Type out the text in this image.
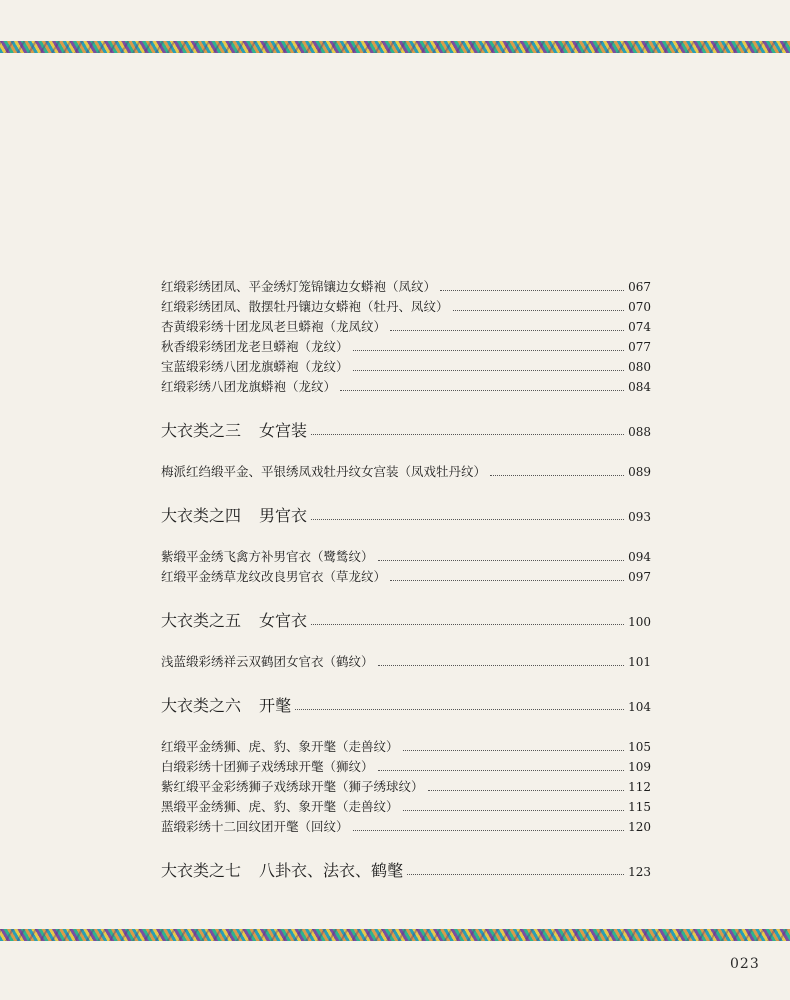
红缎彩绣团凤、平金绣灯笼锦镶边女蟒袍（凤纹）	067
红缎彩绣团凤、散摆牡丹镶边女蟒袍（牡丹、凤纹）	070
杏黄缎彩绣十团龙凤老旦蟒袍（龙凤纹）	074
秋香缎彩绣团龙老旦蟒袍（龙纹）	077
宝蓝缎彩绣八团龙旗蟒袍（龙纹）	080
红缎彩绣八团龙旗蟒袍（龙纹）	084
大衣类之三 女宫装	088
梅派红绉缎平金、平银绣凤戏牡丹纹女宫装（凤戏牡丹纹）	089
大衣类之四 男官衣	093
紫缎平金绣飞禽方补男官衣（鹭鸶纹）	094
红缎平金绣草龙纹改良男官衣（草龙纹）	097
大衣类之五 女官衣	100
浅蓝缎彩绣祥云双鹤团女官衣（鹤纹）	101
大衣类之六 开氅	104
红缎平金绣狮、虎、豹、象开氅（走兽纹）	105
白缎彩绣十团狮子戏绣球开氅（狮纹）	109
紫红缎平金彩绣狮子戏绣球开氅（狮子绣球纹）	112
黑缎平金绣狮、虎、豹、象开氅（走兽纹）	115
蓝缎彩绣十二回纹团开氅（回纹）	120
大衣类之七 八卦衣、法衣、鹤氅	123
023
